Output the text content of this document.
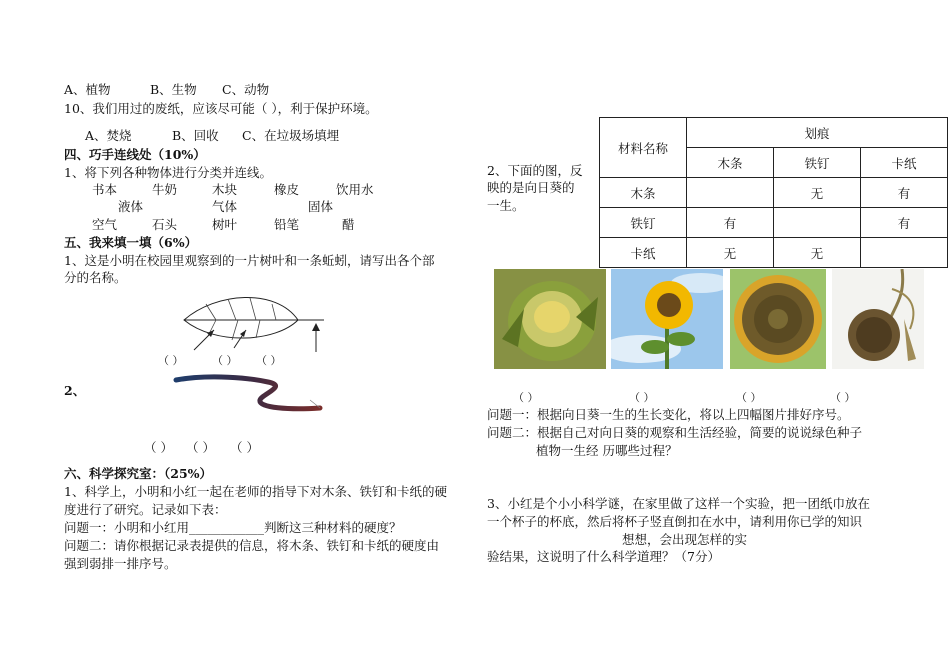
A、植物	B、生物 C、动物
10、我们用过的废纸，应该尽可能（ ），利于保护环境。
A、焚烧	B、回收 C、在垃圾场填埋
四、巧手连线处（10%）
1、将下列各种物体进行分类并连线。
书本	牛奶	木块	橡皮	饮用水
液体	气体	固体
空气	石头	树叶	铅笔	醋
五、我来填一填（6%）
1、这是小明在校园里观察到的一片树叶和一条蚯蚓，请写出各个部
分的名称。
（ ）	（ ） （ ）
2、
（ ） （ ） （ ）
六、科学探究室：（25%）
1、科学上，小明和小红一起在老师的指导下对木条、铁钉和卡纸的硬
度进行了研究。记录如下表：
问题一：小明和小红用____________判断这三种材料的硬度？
问题二：请你根据记录表提供的信息，将木条、铁钉和卡纸的硬度由
强到弱排一排序号。
2、下面的图，反
映的是向日葵的
一生。
材料名称	划痕		
	木条	铁钉	卡纸
木条		无	有
铁钉	有		有
卡纸	无	无	
（ ）	（ ）	（ ）	（ ）
问题一：根据向日葵一生的生长变化，将以上四幅图片排好序号。
问题二：根据自己对向日葵的观察和生活经验，简要的说说绿色种子
植物一生经 历哪些过程？
3、小红是个小小科学谜，在家里做了这样一个实验，把一团纸巾放在
一个杯子的杯底，然后将杯子竖直倒扣在水中，请利用你已学的知识
想想，会出现怎样的实
验结果，这说明了什么科学道理？（7分）
